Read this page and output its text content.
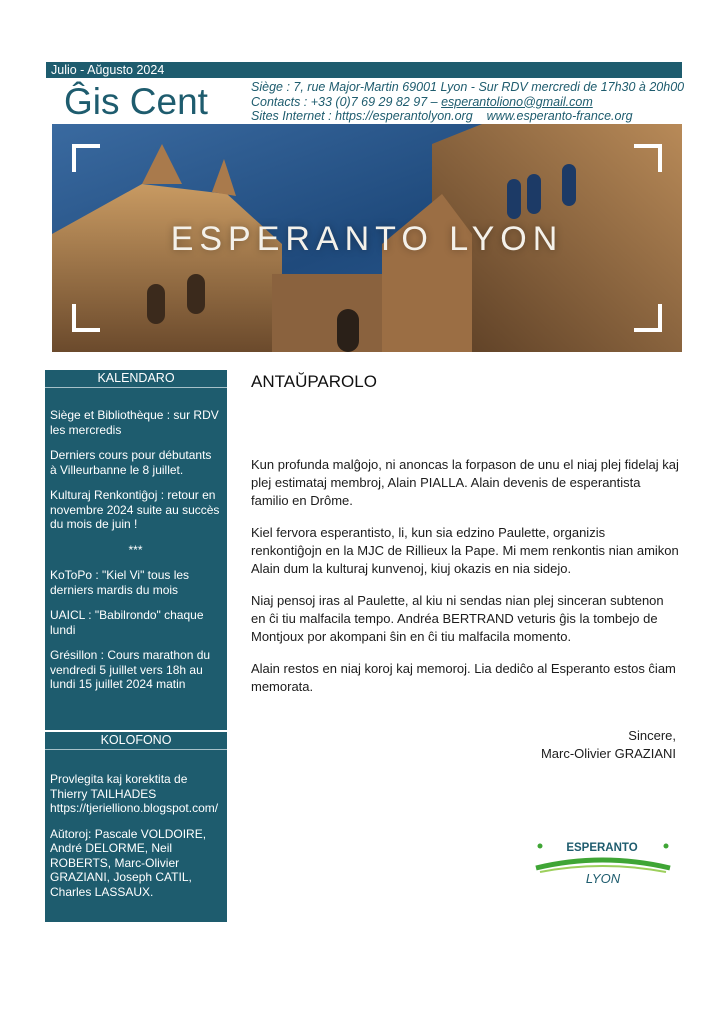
Julio - Aŭgusto 2024
Ĝis Cent	Siège : 7, rue Major-Martin 69001 Lyon - Sur RDV mercredi de 17h30 à 20h00
Contacts : +33 (0)7 69 29 82 97 – esperantoliono@gmail.com
Sites Internet : https://esperantolyon.org www.esperanto-france.org
ESPERANTO LYON
KALENDARO

Siège et Bibliothèque : sur RDV les mercredis

Derniers cours pour débutants à Villeurbanne le 8 juillet.

Kulturaj Renkontiĝoj : retour en novembre 2024 suite au succès du mois de juin !

***

KoToPo : "Kiel Vi" tous les derniers mardis du mois

UAICL : "Babilrondo" chaque lundi

Grésillon : Cours marathon du vendredi 5 juillet vers 18h au lundi 15 juillet 2024 matin

KOLOFONO

Provlegita kaj korektita de Thierry TAILHADES https://tjerielliono.blogspot.com/

Aŭtoroj: Pascale VOLDOIRE, André DELORME, Neil ROBERTS, Marc-Olivier GRAZIANI, Joseph CATIL, Charles LASSAUX.

ANTAŬPAROLO

Kun profunda malĝojo, ni anoncas la forpason de unu el niaj plej fidelaj kaj plej estimataj membroj, Alain PIALLA. Alain devenis de esperantista familio en Drôme.

Kiel fervora esperantisto, li, kun sia edzino Paulette, organizis renkontiĝojn en la MJC de Rillieux la Pape. Mi mem renkontis nian amikon Alain dum la kulturaj kunvenoj, kiuj okazis en nia sidejo.

Niaj pensoj iras al Paulette, al kiu ni sendas nian plej sinceran subtenon en ĉi tiu malfacila tempo. Andréa BERTRAND veturis ĝis la tombejo de Montjoux por akompani ŝin en ĉi tiu malfacila momento.

Alain restos en niaj koroj kaj memoroj. Lia dediĉo al Esperanto estos ĉiam memorata.

Sincere,
Marc-Olivier GRAZIANI
ESPERANTO
LYON
